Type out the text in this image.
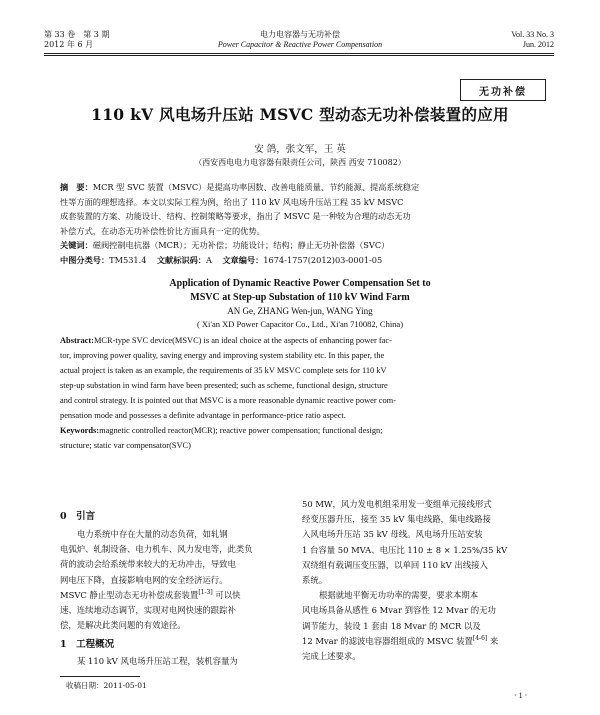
第 33 卷　第 3 期
2012 年 6 月
电力电容器与无功补偿
Power Capacitor & Reactive Power Compensation
Vol. 33 No. 3
Jun. 2012
无功补偿
110 kV 风电场升压站 MSVC 型动态无功补偿装置的应用
安 鸽，张文军，王 英
（西安西电电力电容器有限责任公司，陕西 西安 710082）
摘　要：MCR 型 SVC 装置（MSVC）是提高功率因数、改善电能质量、节约能源、提高系统稳定
性等方面的理想选择。本文以实际工程为例，给出了 110 kV 风电场升压站工程 35 kV MSVC
成套装置的方案、功能设计、结构、控制策略等要求，指出了 MSVC 是一种较为合理的动态无功
补偿方式，在动态无功补偿性价比方面具有一定的优势。
关键词：磁阀控制电抗器（MCR）；无功补偿；功能设计；结构；静止无功补偿器（SVC）
中图分类号：TM531.4 文献标识码：A 文章编号：1674-1757(2012)03-0001-05
Application of Dynamic Reactive Power Compensation Set to
MSVC at Step-up Substation of 110 kV Wind Farm
AN Ge, ZHANG Wen-jun, WANG Ying
( Xi'an XD Power Capacitor Co., Ltd., Xi'an 710082, China)
Abstract:MCR-type SVC device(MSVC) is an ideal choice at the aspects of enhancing power fac-
tor, improving power quality, saving energy and improving system stability etc. In this paper, the
actual project is taken as an example, the requirements of 35 kV MSVC complete sets for 110 kV
step-up substation in wind farm have been presented; such as scheme, functional design, structure
and control strategy. It is pointed out that MSVC is a more reasonable dynamic reactive power com-
pensation mode and possesses a definite advantage in performance-price ratio aspect.
Keywords:magnetic controlled reactor(MCR); reactive power compensation; functional design;
structure; static var compensator(SVC)
0　引言
电力系统中存在大量的动态负荷，如轧钢
电弧炉、轧制设备、电力机车、风力发电等，此类负
荷的波动会给系统带来较大的无功冲击，导致电
网电压下降，直接影响电网的安全经济运行。
MSVC 静止型动态无功补偿成套装置[1-3] 可以快
速、连续地动态调节，实现对电网快速的跟踪补
偿，是解决此类问题的有效途径。
1　工程概况
某 110 kV 风电场升压站工程，装机容量为
收稿日期：2011-05-01
50 MW，风力发电机组采用发一变组单元接线形式
经变压器升压，接至 35 kV 集电线路，集电线路接
入风电场升压站 35 kV 母线。风电场升压站安装
1 台容量 50 MVA、电压比 110 ± 8 × 1.25%/35 kV
双绕组有载调压变压器，以单回 110 kV 出线接入
系统。
根据就地平衡无功功率的需要，要求本期本
风电场具备从感性 6 Mvar 到容性 12 Mvar 的无功
调节能力，装设 1 套由 18 Mvar 的 MCR 以及
12 Mvar 的滤波电容器组组成的 MSVC 装置[4-6] 来
完成上述要求。
· 1 ·
